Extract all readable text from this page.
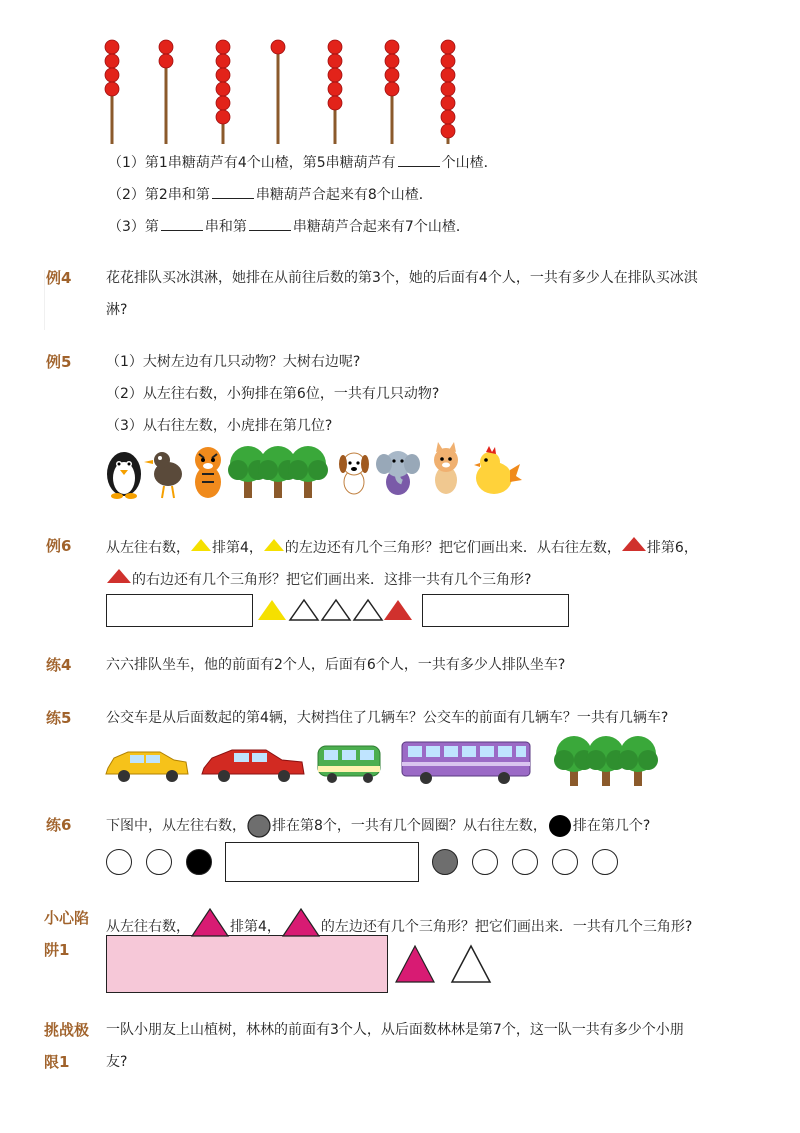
（1）第1串糖葫芦有4个山楂，第5串糖葫芦有	个山楂．
（2）第2串和第	串糖葫芦合起来有8个山楂．
（3）第	串和第	串糖葫芦合起来有7个山楂．
例4 花花排队买冰淇淋，她排在从前往后数的第3个，她的后面有4个人，一共有多少人在排队买冰淇
淋?
例5 （1）大树左边有几只动物？大树右边呢?
（2）从左往右数，小狗排在第6位，一共有几只动物?
（3）从右往左数，小虎排在第几位?
例6 从左往右数， 排第4， 的左边还有几个三角形？把它们画出来．从右往左数， 排第6，
的右边还有几个三角形？把它们画出来．这排一共有几个三角形?
练4 六六排队坐车，他的前面有2个人，后面有6个人，一共有多少人排队坐车?
练5 公交车是从后面数起的第4辆，大树挡住了几辆车？公交车的前面有几辆车？一共有几辆车?
练6 下图中，从左往右数， 排在第8个，一共有几个圆圈？从右往左数， 排在第几个?
小心陷
阱1
从左往右数，	排第4，	的左边还有几个三角形？把它们画出来．一共有几个三角形?
挑战极
限1
一队小朋友上山植树，林林的前面有3个人，从后面数林林是第7个，这一队一共有多少个小朋
友?
